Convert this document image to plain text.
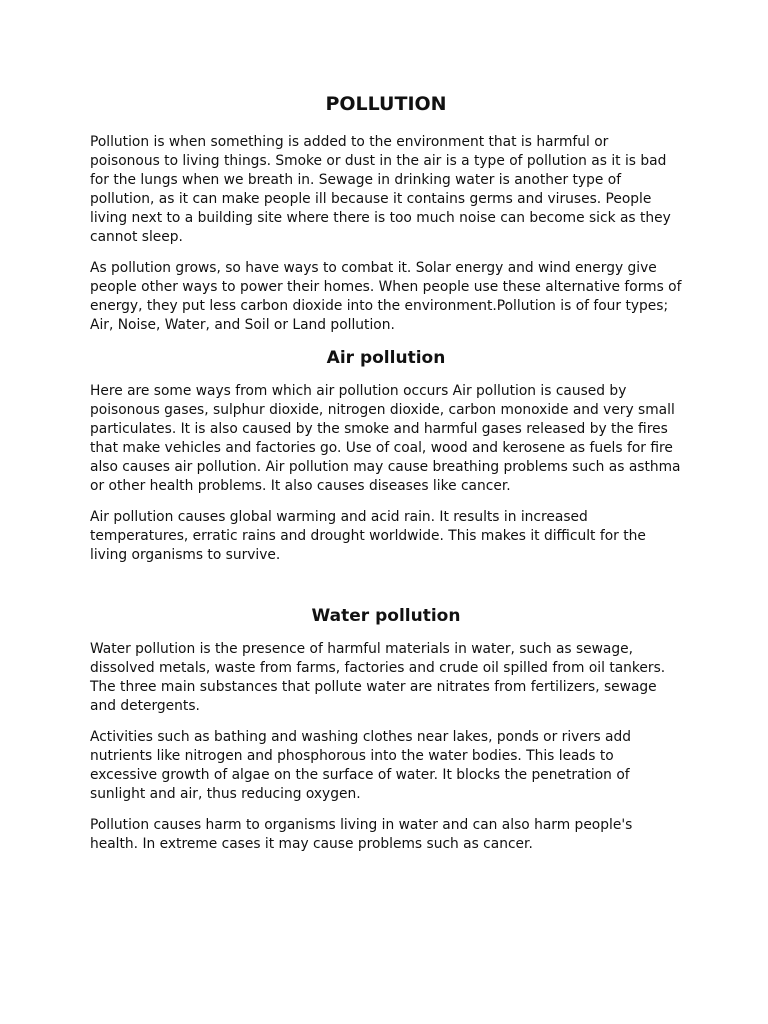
POLLUTION

Pollution is when something is added to the environment that is harmful or poisonous to living things. Smoke or dust in the air is a type of pollution as it is bad for the lungs when we breath in. Sewage in drinking water is another type of pollution, as it can make people ill because it contains germs and viruses. People living next to a building site where there is too much noise can become sick as they cannot sleep.

As pollution grows, so have ways to combat it. Solar energy and wind energy give people other ways to power their homes. When people use these alternative forms of energy, they put less carbon dioxide into the environment.Pollution is of four types; Air, Noise, Water, and Soil or Land pollution.

Air pollution

Here are some ways from which air pollution occurs Air pollution is caused by poisonous gases, sulphur dioxide, nitrogen dioxide, carbon monoxide and very small particulates. It is also caused by the smoke and harmful gases released by the fires that make vehicles and factories go. Use of coal, wood and kerosene as fuels for fire also causes air pollution. Air pollution may cause breathing problems such as asthma or other health problems. It also causes diseases like cancer.

Air pollution causes global warming and acid rain. It results in increased temperatures, erratic rains and drought worldwide. This makes it difficult for the living organisms to survive.

Water pollution

Water pollution is the presence of harmful materials in water, such as sewage, dissolved metals, waste from farms, factories and crude oil spilled from oil tankers. The three main substances that pollute water are nitrates from fertilizers, sewage and detergents.

Activities such as bathing and washing clothes near lakes, ponds or rivers add nutrients like nitrogen and phosphorous into the water bodies. This leads to excessive growth of algae on the surface of water. It blocks the penetration of sunlight and air, thus reducing oxygen.

Pollution causes harm to organisms living in water and can also harm people's health. In extreme cases it may cause problems such as cancer.
